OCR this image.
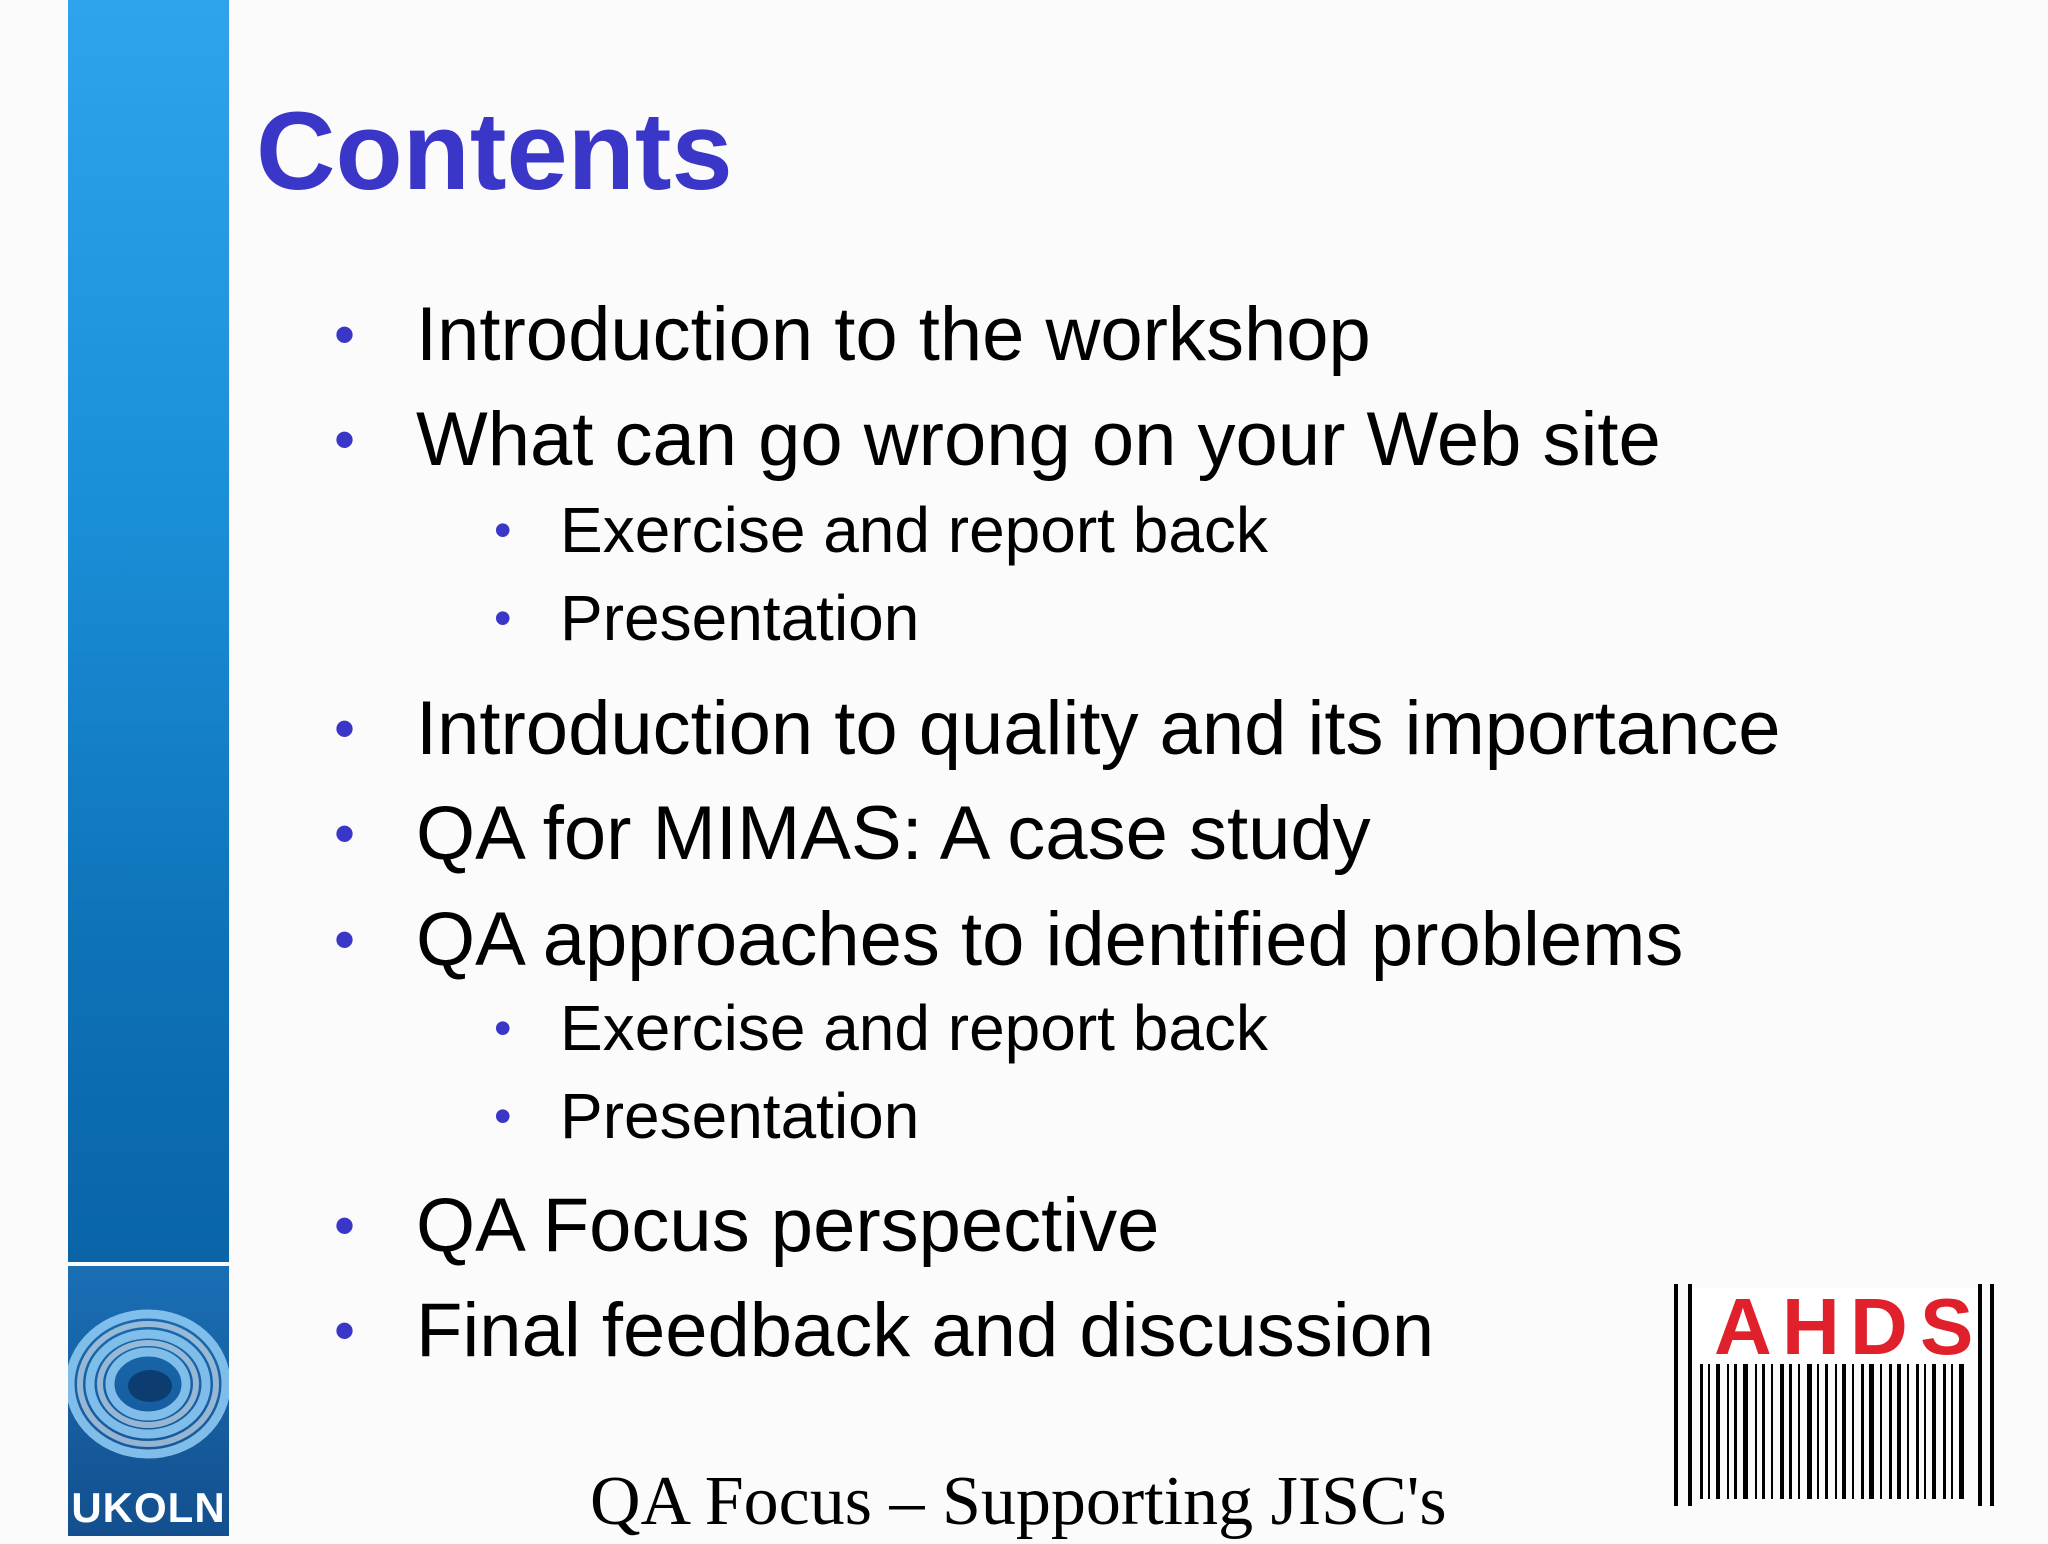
UKOLN
Contents
• Introduction to the workshop
• What can go wrong on your Web site
• Exercise and report back
• Presentation
• Introduction to quality and its importance
• QA for MIMAS: A case study
• QA approaches to identified problems
• Exercise and report back
• Presentation
• QA Focus perspective
• Final feedback and discussion
QA Focus – Supporting JISC's
A H D S
